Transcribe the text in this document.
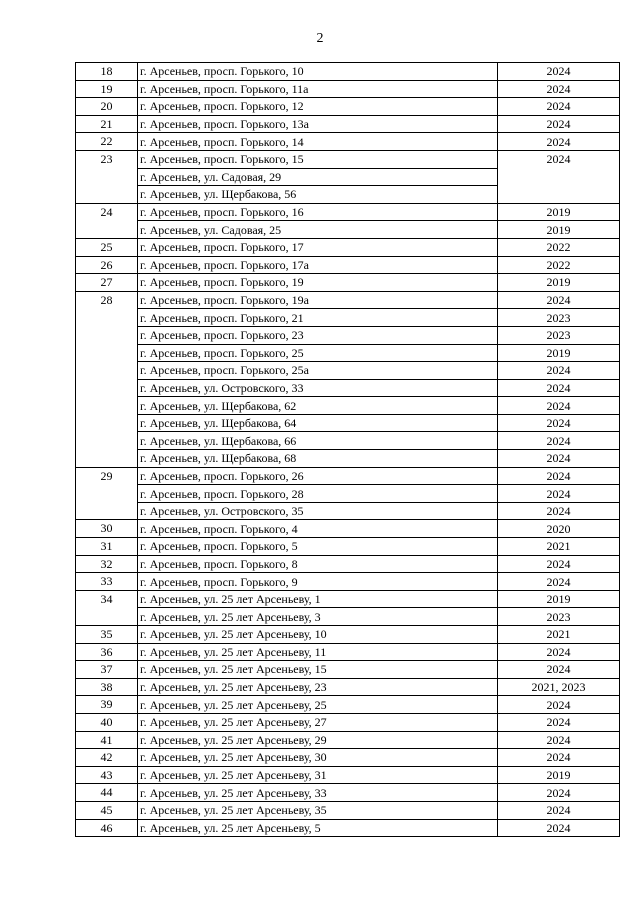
2
18	г. Арсеньев, просп. Горького, 10	2024
19	г. Арсеньев, просп. Горького, 11а	2024
20	г. Арсеньев, просп. Горького, 12	2024
21	г. Арсеньев, просп. Горького, 13а	2024
22	г. Арсеньев, просп. Горького, 14	2024
23	г. Арсеньев, просп. Горького, 15	2024
	г. Арсеньев, ул. Садовая, 29	
	г. Арсеньев, ул. Щербакова, 56	
24	г. Арсеньев, просп. Горького, 16	2019
	г. Арсеньев, ул. Садовая, 25	2019
25	г. Арсеньев, просп. Горького, 17	2022
26	г. Арсеньев, просп. Горького, 17а	2022
27	г. Арсеньев, просп. Горького, 19	2019
28	г. Арсеньев, просп. Горького, 19а	2024
	г. Арсеньев, просп. Горького, 21	2023
	г. Арсеньев, просп. Горького, 23	2023
	г. Арсеньев, просп. Горького, 25	2019
	г. Арсеньев, просп. Горького, 25а	2024
	г. Арсеньев, ул. Островского, 33	2024
	г. Арсеньев, ул. Щербакова, 62	2024
	г. Арсеньев, ул. Щербакова, 64	2024
	г. Арсеньев, ул. Щербакова, 66	2024
	г. Арсеньев, ул. Щербакова, 68	2024
29	г. Арсеньев, просп. Горького, 26	2024
	г. Арсеньев, просп. Горького, 28	2024
	г. Арсеньев, ул. Островского, 35	2024
30	г. Арсеньев, просп. Горького, 4	2020
31	г. Арсеньев, просп. Горького, 5	2021
32	г. Арсеньев, просп. Горького, 8	2024
33	г. Арсеньев, просп. Горького, 9	2024
34	г. Арсеньев, ул. 25 лет Арсеньеву, 1	2019
	г. Арсеньев, ул. 25 лет Арсеньеву, 3	2023
35	г. Арсеньев, ул. 25 лет Арсеньеву, 10	2021
36	г. Арсеньев, ул. 25 лет Арсеньеву, 11	2024
37	г. Арсеньев, ул. 25 лет Арсеньеву, 15	2024
38	г. Арсеньев, ул. 25 лет Арсеньеву, 23	2021, 2023
39	г. Арсеньев, ул. 25 лет Арсеньеву, 25	2024
40	г. Арсеньев, ул. 25 лет Арсеньеву, 27	2024
41	г. Арсеньев, ул. 25 лет Арсеньеву, 29	2024
42	г. Арсеньев, ул. 25 лет Арсеньеву, 30	2024
43	г. Арсеньев, ул. 25 лет Арсеньеву, 31	2019
44	г. Арсеньев, ул. 25 лет Арсеньеву, 33	2024
45	г. Арсеньев, ул. 25 лет Арсеньеву, 35	2024
46	г. Арсеньев, ул. 25 лет Арсеньеву, 5	2024
